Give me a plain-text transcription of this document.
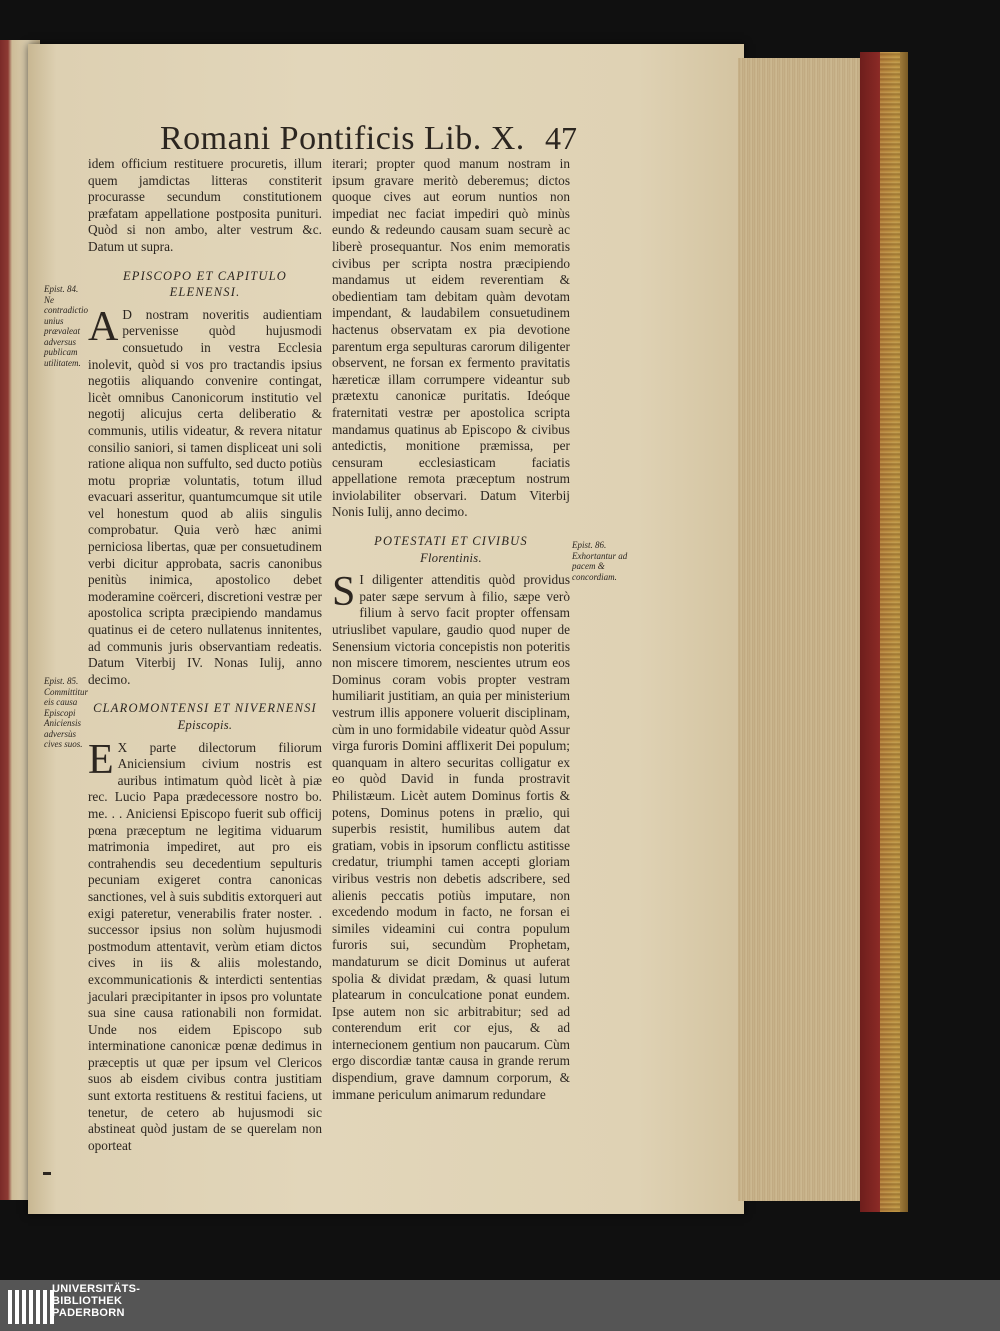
Romani Pontificis Lib. X. 47

idem officium restituere procuretis, illum quem jamdictas litteras constiterit procurasse secundum constitutionem præfatam appellatione postposita puniturі. Quòd si non ambo, alter vestrum &c. Datum ut supra.

EPISCOPO ET CAPITULO ELENENSI.

A D nostram noveritis audientiam pervenisse quòd hujusmodi consuetudo in vestra Ecclesia inolevit, quòd si vos pro tractandis ipsius negotiis aliquando convenire contingat, licèt omnibus Canonicorum institutio vel negotij alicujus certa deliberatio & communis, utilis videatur, & revera nitatur consilio saniori, si tamen displiceat uni soli ratione aliqua non suffulto, sed ducto potiùs motu propriæ voluntatis, totum illud evacuari asseritur, quantumcumque sit utile vel honestum quod ab aliis singulis comprobatur. Quia verò hæc animi perniciosa libertas, quæ per consuetudinem verbi dicitur approbata, sacris canonibus penitùs inimica, apostolico debet moderamine coërceri, discretioni vestræ per apostolica scripta præcipiendo mandamus quatinus ei de cetero nullatenus innitentes, ad communis juris observantiam redeatis. Datum Viterbij IV. Nonas Iulij, anno decimo.

CLAROMONTENSI ET NIVERNENSI
Episcopis.

E X parte dilectorum filiorum Aniciensium civium nostris est auribus intimatum quòd licèt à piæ rec. Lucio Papa prædecessore nostro bo. me. . . Aniciensi Episcopo fuerit sub officij pœna præceptum ne legitima viduarum matrimonia impediret, aut pro eis contrahendis seu decedentium sepulturis pecuniam exigeret contra canonicas sanctiones, vel à suis subditis extorqueri aut exigi pateretur, venerabilis frater noster. . successor ipsius non solùm hujusmodi postmodum attentavit, verùm etiam dictos cives in iis & aliis molestando, excommunicationis & interdicti sententias jaculari præcipitanter in ipsos pro voluntate sua sine causa rationabili non formidat. Unde nos eidem Episcopo sub interminatione canonicæ pœnæ dedimus in præceptis ut quæ per ipsum vel Clericos suos ab eisdem civibus contra justitiam sunt extorta restituens & restitui faciens, ut tenetur, de cetero ab hujusmodi sic abstineat quòd justam de se querelam non oporteat

iterari; propter quod manum nostram in ipsum gravare meritò deberemus; dictos quoque cives aut eorum nuntios non impediat nec faciat impediri quò minùs eundo & redeundo causam suam securè ac liberè prosequantur. Nos enim memoratis civibus per scripta nostra præcipiendo mandamus ut eidem reverentiam & obedientiam tam debitam quàm devotam impendant, & laudabilem consuetudinem hactenus observatam ex pia devotione parentum erga sepulturas carorum diligenter observent, ne forsan ex fermento pravitatis hæreticæ illam corrumpere videantur sub prætextu canonicæ puritatis. Ideóque fraternitati vestræ per apostolica scripta mandamus quatinus ab Episcopo & civibus antedictis, monitione præmissa, per censuram ecclesiasticam faciatis appellatione remota præceptum nostrum inviolabiliter observari. Datum Viterbij Nonis Iulij, anno decimo.

POTESTATI ET CIVIBUS
Florentinis.

S I diligenter attenditis quòd providus pater sæpe servum à filio, sæpe verò filium à servo facit propter offensam utriuslibet vapulare, gaudio quod nuper de Senensium victoria concepistis non poteritis non miscere timorem, nescientes utrum eos Dominus coram vobis propter vestram humiliarit justitiam, an quia per ministerium vestrum illis apponere voluerit disciplinam, cùm in uno formidabile videatur quòd Assur virga furoris Domini afflixerit Dei populum; quanquam in altero securitas colligatur ex eo quòd David in funda prostravit Philistæum. Licèt autem Dominus fortis & potens, Dominus potens in prælio, qui superbis resistit, humilibus autem dat gratiam, vobis in ipsorum conflictu astitisse credatur, triumphi tamen accepti gloriam viribus vestris non debetis adscribere, sed alienis peccatis potiùs imputare, non excedendo modum in facto, ne forsan ei similes videamini cui contra populum furoris sui, secundùm Prophetam, mandaturum se dicit Dominus ut auferat spolia & dividat prædam, & quasi lutum platearum in conculcatione ponat eundem. Ipse autem non sic arbitrabitur; sed ad conterendum erit cor ejus, & ad internecionem gentium non paucarum. Cùm ergo discordiæ tantæ causa in grande rerum dispendium, grave damnum corporum, & immane periculum animarum redundare

Epist. 84. Ne contradictio unius prævaleat adversus publicam utilitatem.
Epist. 85. Committitur eis causa Episcopi Aniciensis adversùs cives suos.
Epist. 86. Exhortantur ad pacem & concordiam.
UNIVERSITÄTS-
BIBLIOTHEK
PADERBORN
